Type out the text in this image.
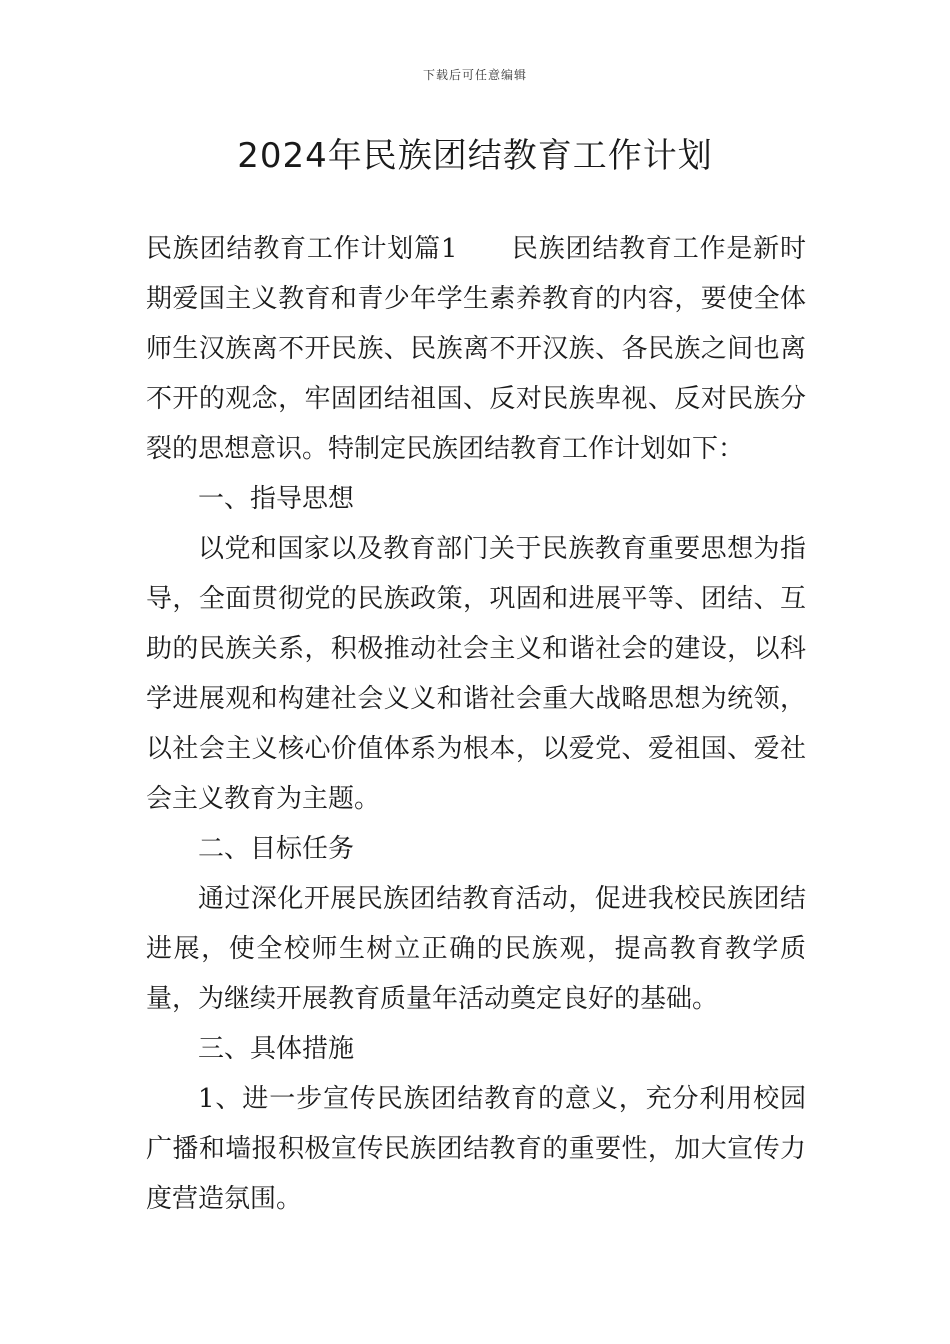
下载后可任意编辑
2024年民族团结教育工作计划

民族团结教育工作计划篇1　　 民族团结教育工作是新时期爱国主义教育和青少年学生素养教育的内容，要使全体师生汉族离不开民族、民族离不开汉族、各民族之间也离不开的观念，牢固团结祖国、反对民族卑视、反对民族分裂的思想意识。特制定民族团结教育工作计划如下：

一、指导思想

以党和国家以及教育部门关于民族教育重要思想为指导，全面贯彻党的民族政策，巩固和进展平等、团结、互助的民族关系，积极推动社会主义和谐社会的建设，以科学进展观和构建社会义义和谐社会重大战略思想为统领，以社会主义核心价值体系为根本，以爱党、爱祖国、爱社会主义教育为主题。

二、目标任务

通过深化开展民族团结教育活动，促进我校民族团结进展，使全校师生树立正确的民族观，提高教育教学质量，为继续开展教育质量年活动奠定良好的基础。

三、具体措施

1、进一步宣传民族团结教育的意义，充分利用校园广播和墙报积极宣传民族团结教育的重要性，加大宣传力度营造氛围。
